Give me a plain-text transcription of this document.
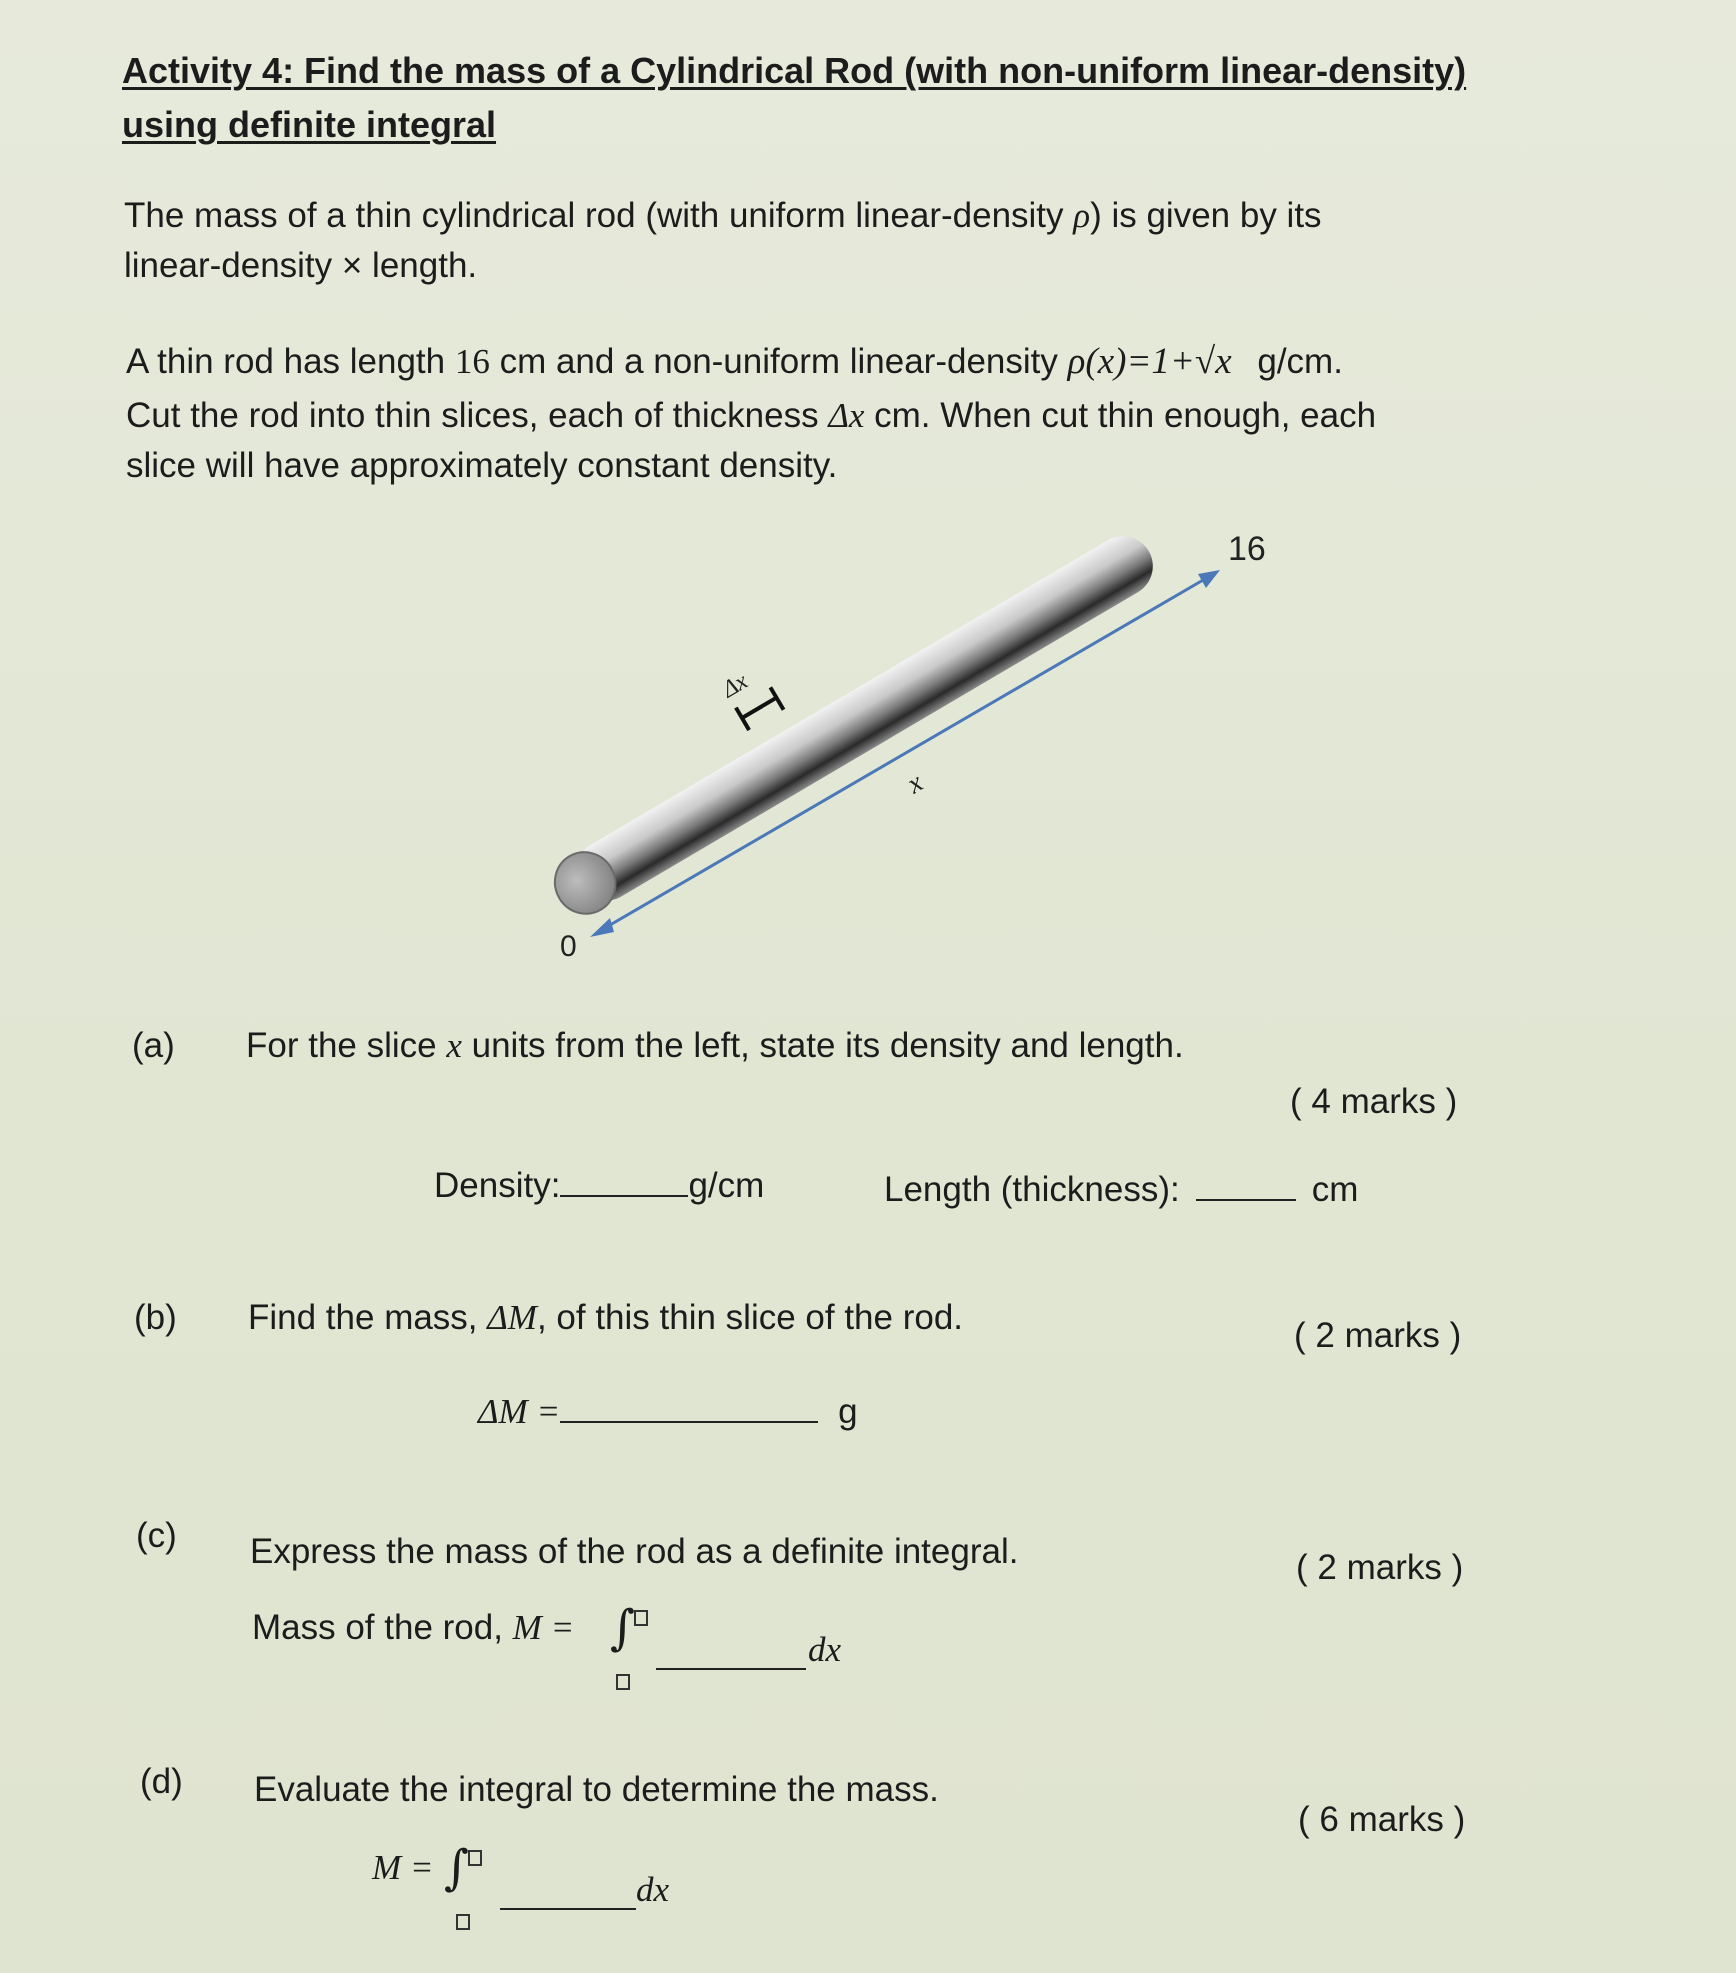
Activity 4: Find the mass of a Cylindrical Rod (with non-uniform linear-density)
using definite integral
The mass of a thin cylindrical rod (with uniform linear-density ρ) is given by its
linear-density × length.
A thin rod has length 16 cm and a non-uniform linear-density ρ(x)=1+√x g/cm.
Cut the rod into thin slices, each of thickness Δx cm. When cut thin enough, each
slice will have approximately constant density.
Δx
x
16
0
(a) For the slice x units from the left, state its density and length.
( 4 marks )
Density:	g/cm	Length (thickness):	cm
(b) Find the mass, ΔM, of this thin slice of the rod.	( 2 marks )
ΔM =	g
(c) Express the mass of the rod as a definite integral.	( 2 marks )
Mass of the rod, M = ∫	dx
(d) Evaluate the integral to determine the mass.
( 6 marks )
M = ∫	dx
